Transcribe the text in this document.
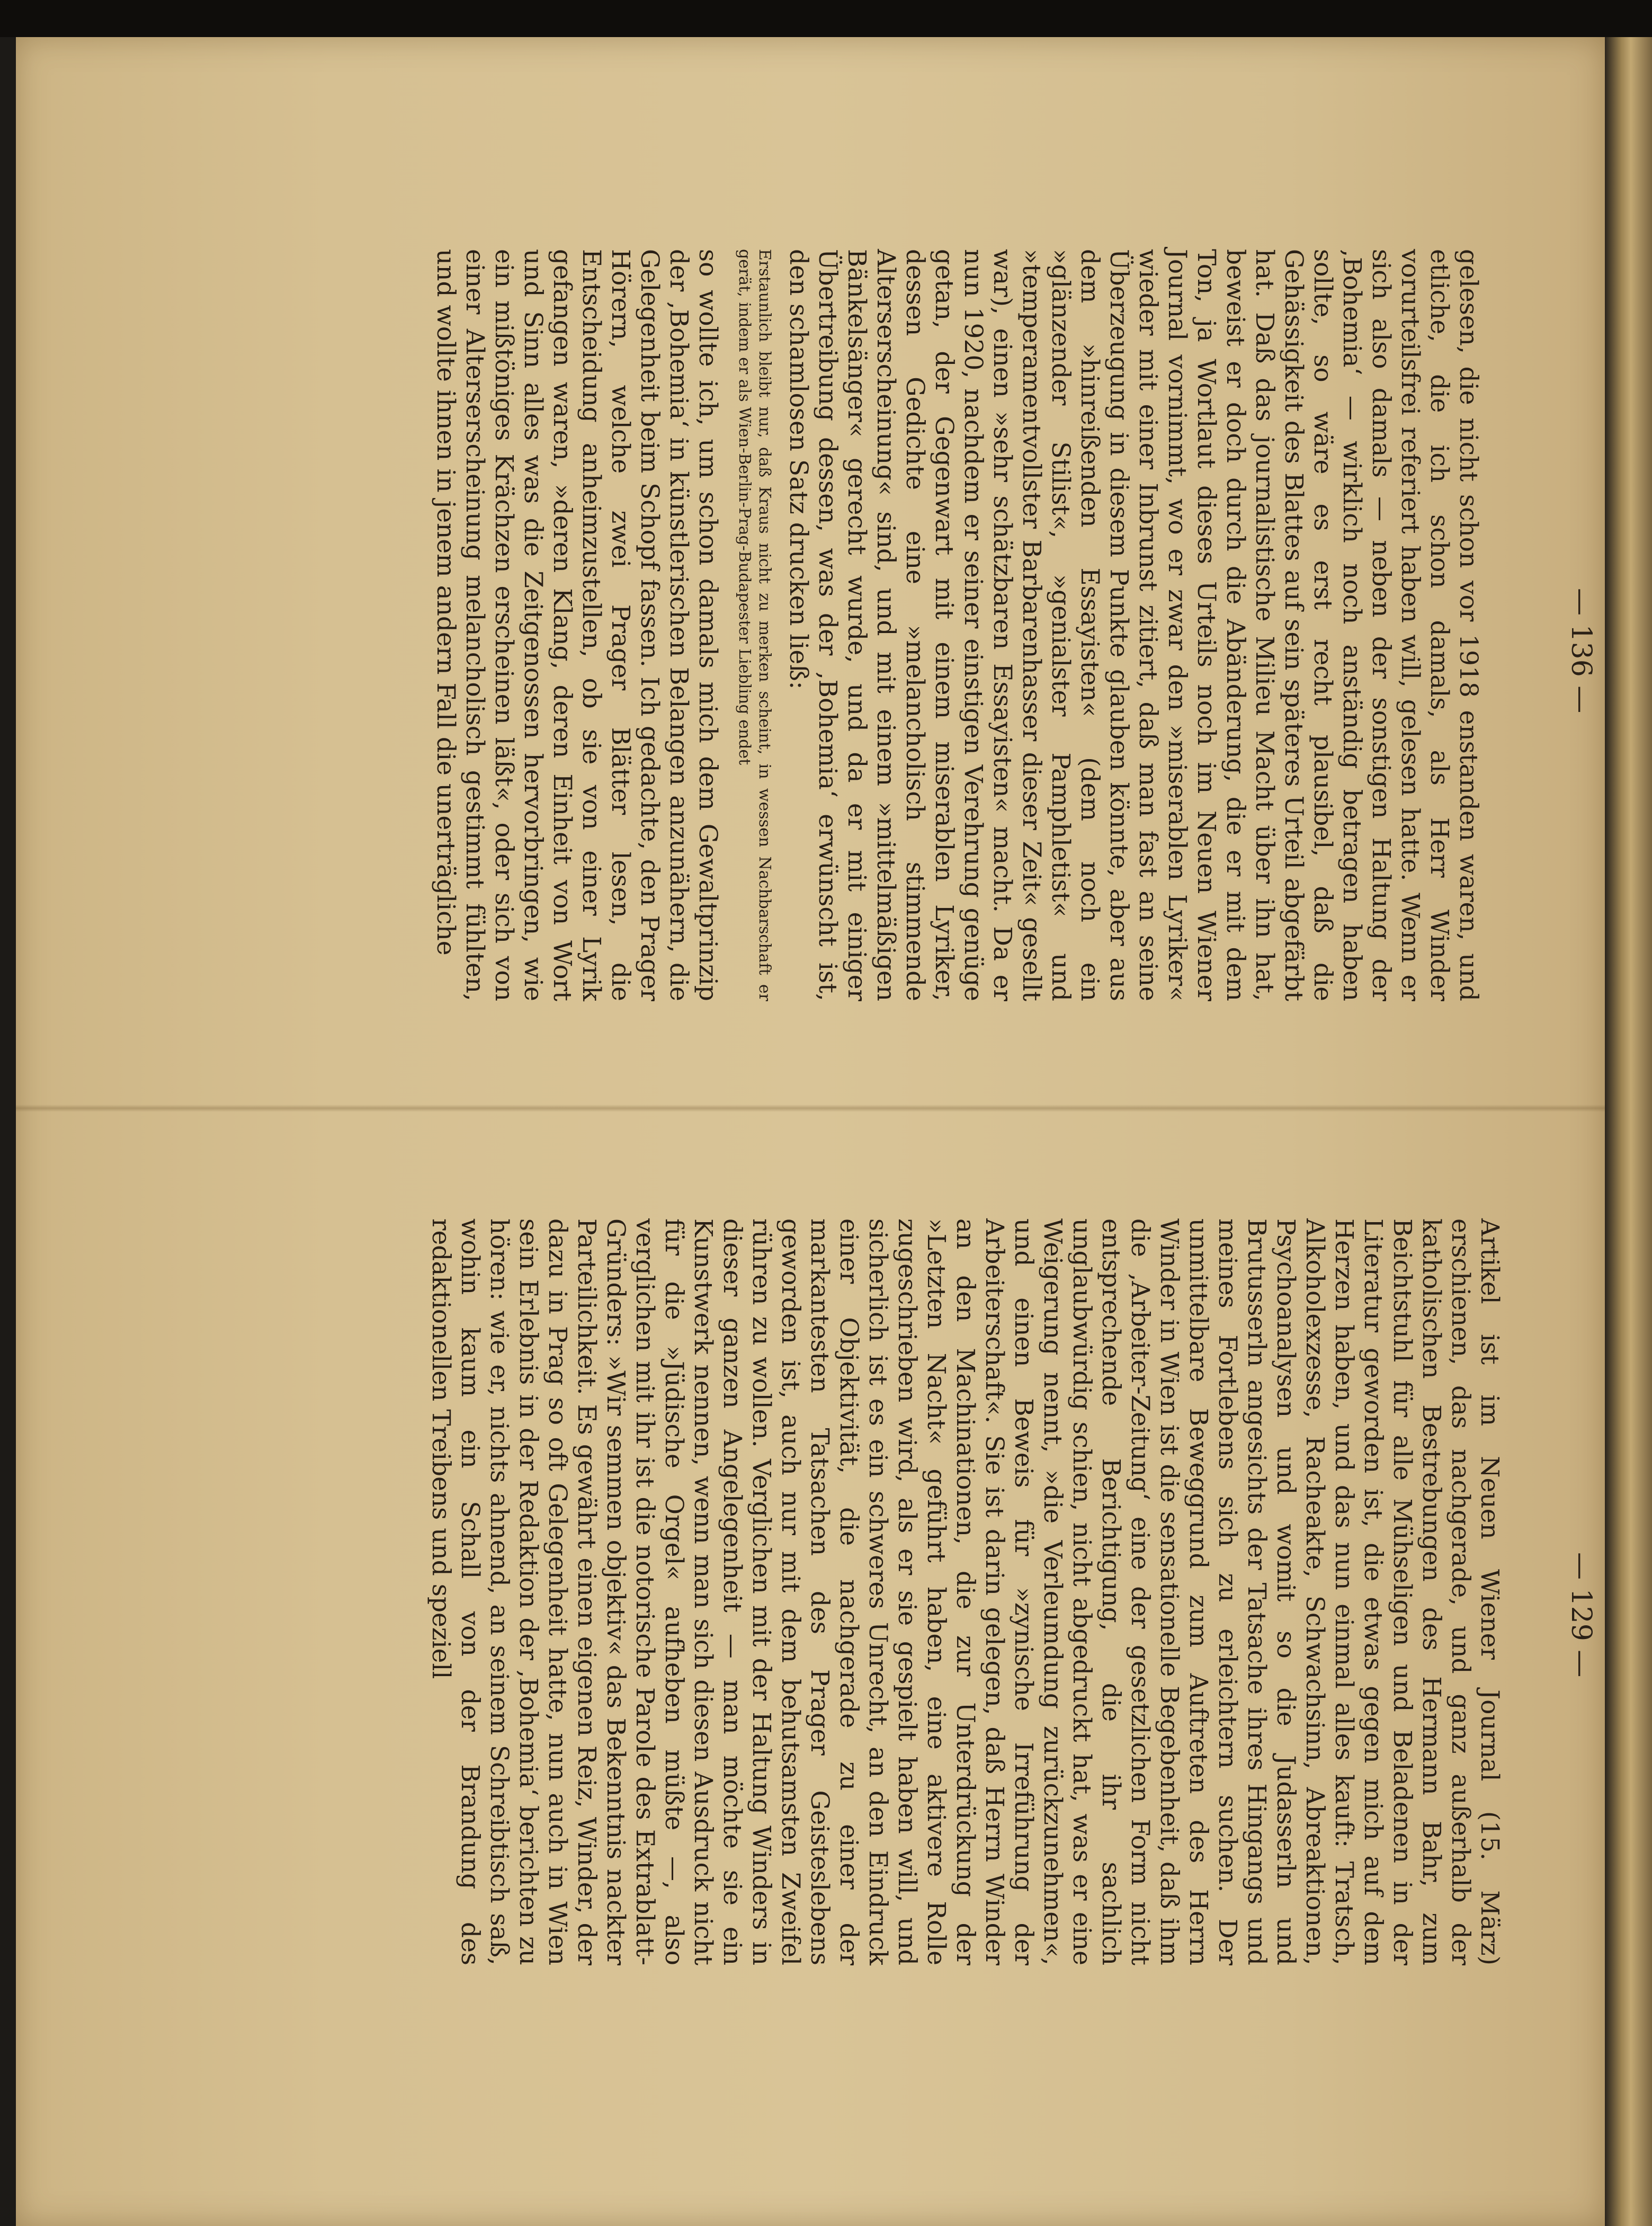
— 136 —
— 129 —

gelesen, die nicht schon vor 1918 enstanden waren, und etliche, die ich schon damals, als Herr Winder vorurteilsfrei referiert haben will, gelesen hatte. Wenn er sich also damals — neben der sonstigen Haltung der ‚Bohemia‘ — wirklich noch anständig betragen haben sollte, so wäre es erst recht plausibel, daß die Gehässigkeit des Blattes auf sein späteres Urteil abgefärbt hat. Daß das journalistische Milieu Macht über ihn hat, beweist er doch durch die Abänderung, die er mit dem Ton, ja Wortlaut dieses Urteils noch im Neuen Wiener Journal vornimmt, wo er zwar den »miserablen Lyriker« wieder mit einer Inbrunst zitiert, daß man fast an seine Überzeugung in diesem Punkte glauben könnte, aber aus dem »hinreißenden Essayisten« (dem noch ein »glänzender Stilist«, »genialster Pamphletist« und »temperamentvollster Barbarenhasser dieser Zeit« gesellt war), einen »sehr schätzbaren Essayisten« macht. Da er nun 1920, nachdem er seiner einstigen Verehrung genüge getan, der Gegenwart mit einem miserablen Lyriker, dessen Gedichte eine »melancholisch stimmende Alterserscheinung« sind, und mit einem »mittelmäßigen Bänkelsänger« gerecht wurde, und da er mit einiger Übertreibung dessen, was der ‚Bohemia‘ erwünscht ist, den schamlosen Satz drucken ließ:

Erstaunlich bleibt nur, daß Kraus nicht zu merken scheint, in wessen Nachbarschaft er gerät, indem er als Wien-Berlin-Prag-Budapester Liebling endet

so wollte ich, um schon damals mich dem Gewaltprinzip der ‚Bohemia‘ in künstlerischen Belangen anzunähern, die Gelegenheit beim Schopf fassen. Ich gedachte, den Prager Hörern, welche zwei Prager Blätter lesen, die Entscheidung anheimzustellen, ob sie von einer Lyrik gefangen waren, »deren Klang, deren Einheit von Wort und Sinn alles was die Zeitgenossen hervorbringen, wie ein mißtöniges Krächzen erscheinen läßt«, oder sich von einer Alterserscheinung melancholisch gestimmt fühlten, und wollte ihnen in jenem andern Fall die unerträgliche

Artikel ist im Neuen Wiener Journal (15. März) erschienen, das nachgerade, und ganz außerhalb der katholischen Bestrebungen des Hermann Bahr, zum Beichtstuhl für alle Mühseligen und Beladenen in der Literatur geworden ist, die etwas gegen mich auf dem Herzen haben, und das nun einmal alles kauft: Tratsch, Alkoholexzesse, Racheakte, Schwachsinn, Abreaktionen, Psychoanalysen und womit so die Judasserln und Brutusserln angesichts der Tatsache ihres Hingangs und meines Fortlebens sich zu erleichtern suchen. Der unmittelbare Beweggrund zum Auftreten des Herrn Winder in Wien ist die sensationelle Begebenheit, daß ihm die ‚Arbeiter-Zeitung‘ eine der gesetzlichen Form nicht entsprechende Berichtigung, die ihr sachlich unglaubwürdig schien, nicht abgedruckt hat, was er eine Weigerung nennt, »die Verleumdung zurückzunehmen«, und einen Beweis für »zynische Irreführung der Arbeiterschaft«. Sie ist darin gelegen, daß Herrn Winder an den Machinationen, die zur Unterdrückung der »Letzten Nacht« geführt haben, eine aktivere Rolle zugeschrieben wird, als er sie gespielt haben will, und sicherlich ist es ein schweres Unrecht, an den Eindruck einer Objektivität, die nachgerade zu einer der markantesten Tatsachen des Prager Geisteslebens geworden ist, auch nur mit dem behutsamsten Zweifel rühren zu wollen. Verglichen mit der Haltung Winders in dieser ganzen Angelegenheit — man möchte sie ein Kunstwerk nennen, wenn man sich diesen Ausdruck nicht für die »Jüdische Orgel« aufheben müßte —, also verglichen mit ihr ist die notorische Parole des Extrablatt-Gründers: »Wir semmen objektiv« das Bekenntnis nackter Parteilichkeit. Es gewährt einen eigenen Reiz, Winder, der dazu in Prag so oft Gelegenheit hatte, nun auch in Wien sein Erlebnis in der Redaktion der ‚Bohemia‘ berichten zu hören: wie er, nichts ahnend, an seinem Schreibtisch saß, wohin kaum ein Schall von der Brandung des redaktionellen Treibens und speziell
